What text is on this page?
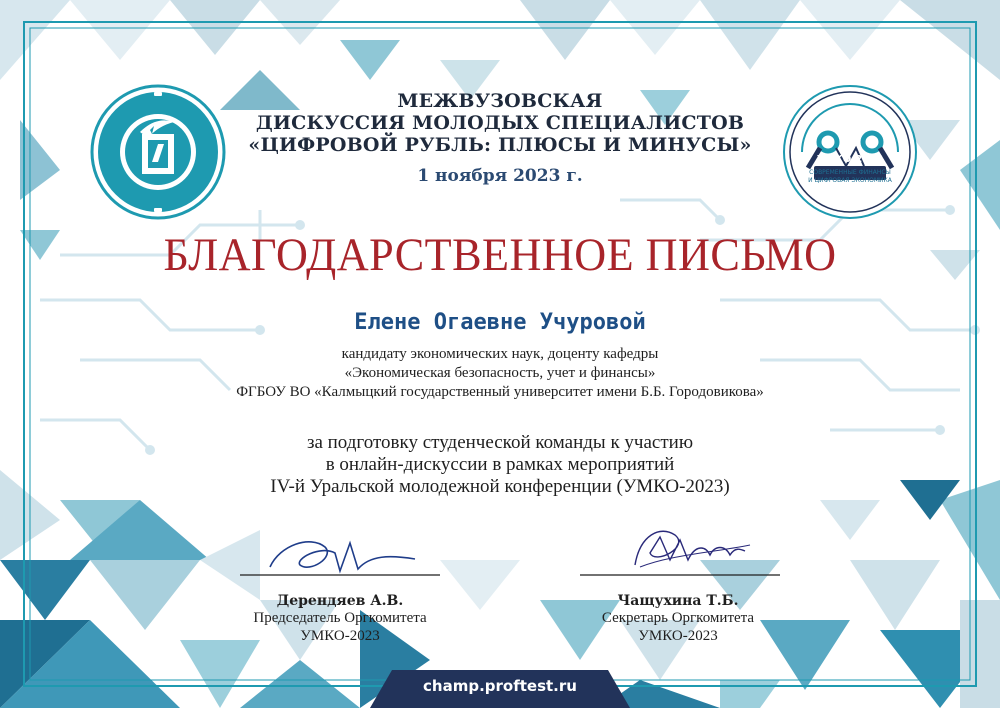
УМКО 2023
СОВРЕМЕННЫЕ ФИНАНСЫ
И ЦИФРОВАЯ ЭКОНОМИКА
МЕЖВУЗОВСКАЯ
ДИСКУССИЯ МОЛОДЫХ СПЕЦИАЛИСТОВ
«ЦИФРОВОЙ РУБЛЬ: ПЛЮСЫ И МИНУСЫ»
1 ноября 2023 г.
БЛАГОДАРСТВЕННОЕ ПИСЬМО
Елене Огаевне Учуровой
кандидату экономических наук, доценту кафедры
«Экономическая безопасность, учет и финансы»
ФГБОУ ВО «Калмыцкий государственный университет имени Б.Б. Городовикова»
за подготовку студенческой команды к участию
в онлайн-дискуссии в рамках мероприятий
IV-й Уральской молодежной конференции (УМКО-2023)
Дерендяев А.В.
Председатель Оргкомитета
УМКО-2023
Чащухина Т.Б.
Секретарь Оргкомитета
УМКО-2023
champ.proftest.ru
